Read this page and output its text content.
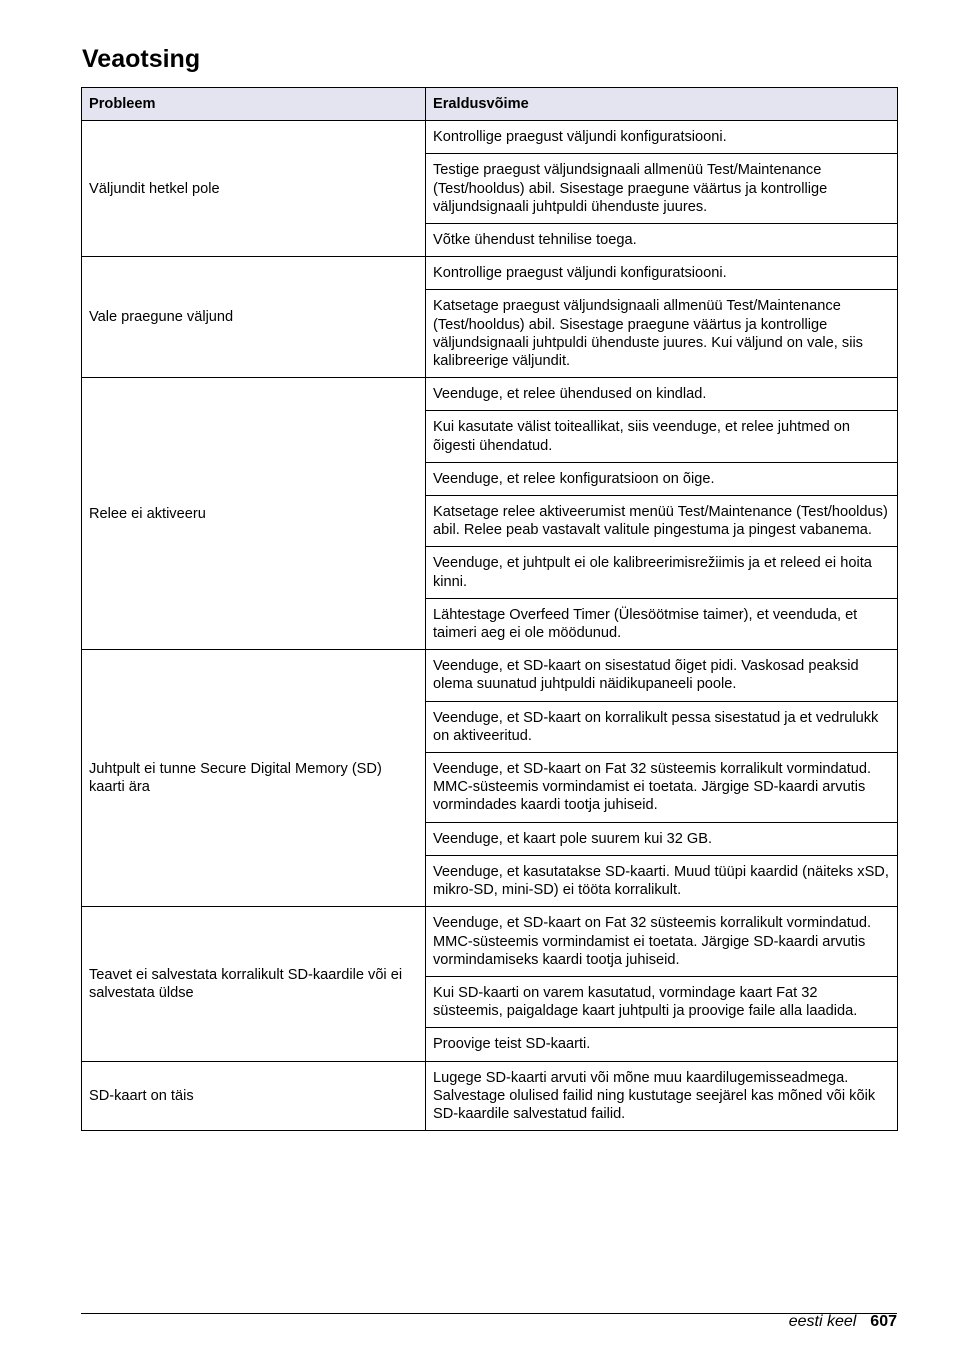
Veaotsing
Probleem	Eraldusvõime
Väljundit hetkel pole	Kontrollige praegust väljundi konfiguratsiooni.
	Testige praegust väljundsignaali allmenüü Test/Maintenance (Test/hooldus) abil. Sisestage praegune väärtus ja kontrollige väljundsignaali juhtpuldi ühenduste juures.
	Võtke ühendust tehnilise toega.
Vale praegune väljund	Kontrollige praegust väljundi konfiguratsiooni.
	Katsetage praegust väljundsignaali allmenüü Test/Maintenance (Test/hooldus) abil. Sisestage praegune väärtus ja kontrollige väljundsignaali juhtpuldi ühenduste juures. Kui väljund on vale, siis kalibreerige väljundit.
Relee ei aktiveeru	Veenduge, et relee ühendused on kindlad.
	Kui kasutate välist toiteallikat, siis veenduge, et relee juhtmed on õigesti ühendatud.
	Veenduge, et relee konfiguratsioon on õige.
	Katsetage relee aktiveerumist menüü Test/Maintenance (Test/hooldus) abil. Relee peab vastavalt valitule pingestuma ja pingest vabanema.
	Veenduge, et juhtpult ei ole kalibreerimisrežiimis ja et releed ei hoita kinni.
	Lähtestage Overfeed Timer (Ülesöötmise taimer), et veenduda, et taimeri aeg ei ole möödunud.
Juhtpult ei tunne Secure Digital Memory (SD) kaarti ära	Veenduge, et SD-kaart on sisestatud õiget pidi. Vaskosad peaksid olema suunatud juhtpuldi näidikupaneeli poole.
	Veenduge, et SD-kaart on korralikult pessa sisestatud ja et vedrulukk on aktiveeritud.
	Veenduge, et SD-kaart on Fat 32 süsteemis korralikult vormindatud. MMC-süsteemis vormindamist ei toetata. Järgige SD-kaardi arvutis vormindades kaardi tootja juhiseid.
	Veenduge, et kaart pole suurem kui 32 GB.
	Veenduge, et kasutatakse SD-kaarti. Muud tüüpi kaardid (näiteks xSD, mikro-SD, mini-SD) ei tööta korralikult.
Teavet ei salvestata korralikult SD-kaardile või ei salvestata üldse	Veenduge, et SD-kaart on Fat 32 süsteemis korralikult vormindatud. MMC-süsteemis vormindamist ei toetata. Järgige SD-kaardi arvutis vormindamiseks kaardi tootja juhiseid.
	Kui SD-kaarti on varem kasutatud, vormindage kaart Fat 32 süsteemis, paigaldage kaart juhtpulti ja proovige faile alla laadida.
	Proovige teist SD-kaarti.
SD-kaart on täis	Lugege SD-kaarti arvuti või mõne muu kaardilugemisseadmega. Salvestage olulised failid ning kustutage seejärel kas mõned või kõik SD-kaardile salvestatud failid.
eesti keel 607
